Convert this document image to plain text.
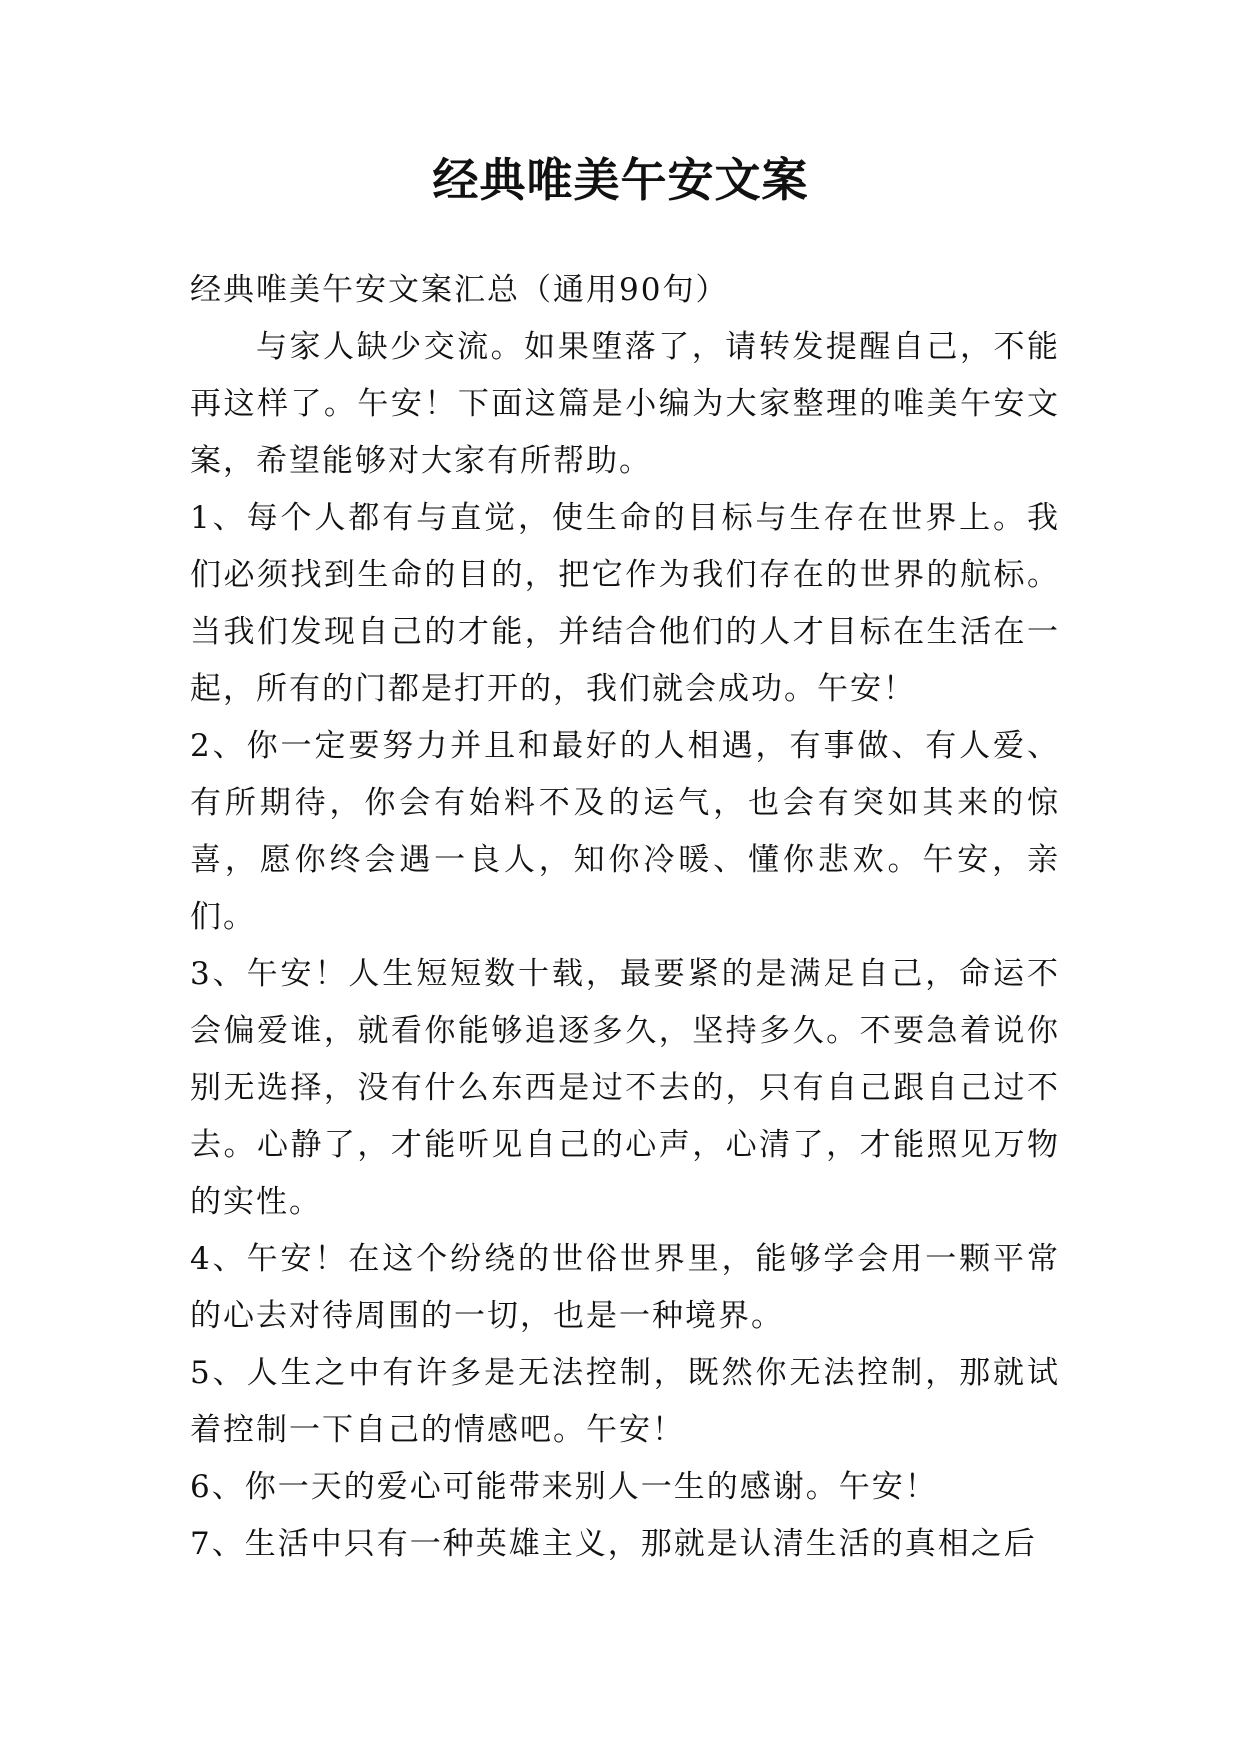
经典唯美午安文案

经典唯美午安文案汇总（通用90句）

与家人缺少交流。如果堕落了，请转发提醒自己，不能再这样了。午安！下面这篇是小编为大家整理的唯美午安文案，希望能够对大家有所帮助。

1、每个人都有与直觉，使生命的目标与生存在世界上。我们必须找到生命的目的，把它作为我们存在的世界的航标。当我们发现自己的才能，并结合他们的人才目标在生活在一起，所有的门都是打开的，我们就会成功。午安！

2、你一定要努力并且和最好的人相遇，有事做、有人爱、有所期待，你会有始料不及的运气，也会有突如其来的惊喜，愿你终会遇一良人，知你冷暖、懂你悲欢。午安，亲们。

3、午安！人生短短数十载，最要紧的是满足自己，命运不会偏爱谁，就看你能够追逐多久，坚持多久。不要急着说你别无选择，没有什么东西是过不去的，只有自己跟自己过不去。心静了，才能听见自己的心声，心清了，才能照见万物的实性。

4、午安！在这个纷绕的世俗世界里，能够学会用一颗平常的心去对待周围的一切，也是一种境界。

5、人生之中有许多是无法控制，既然你无法控制，那就试着控制一下自己的情感吧。午安！

6、你一天的爱心可能带来别人一生的感谢。午安！

7、生活中只有一种英雄主义，那就是认清生活的真相之后
